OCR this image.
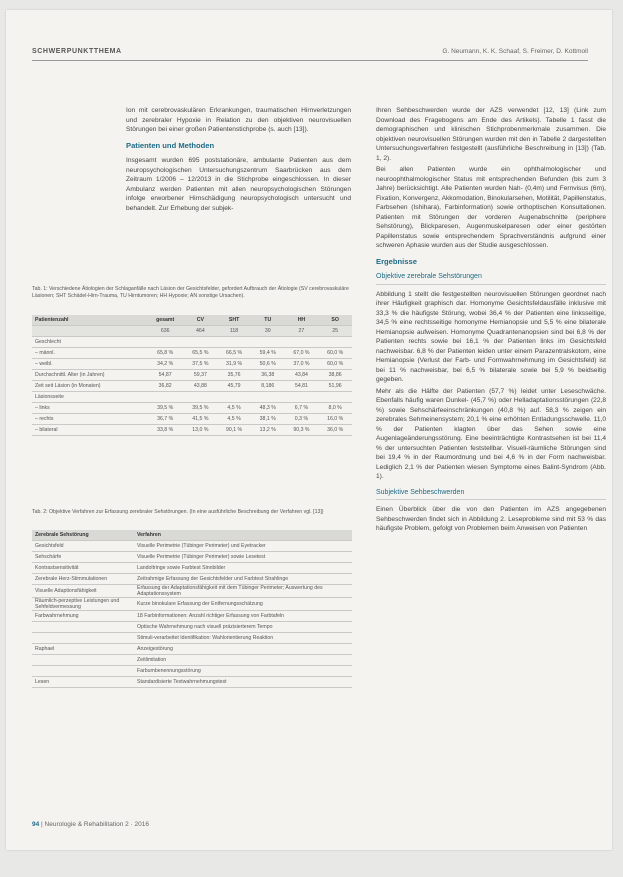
SCHWERPUNKTTHEMA	G. Neumann, K. K. Schaaf, S. Freimer, D. Kottmoll

Ion mit cerebrovaskulären Erkrankungen, traumatischen Hirnverletzungen und zerebraler Hypoxie in Relation zu den objektiven neurovisuellen Störungen bei einer großen Patientenstichprobe (s. auch [13]).

Patienten und Methoden

Insgesamt wurden 695 poststationäre, ambulante Patienten aus dem neuropsychologischen Untersuchungszentrum Saarbrücken aus dem Zeitraum 1/2006 – 12/2013 in die Stichprobe eingeschlossen. In dieser Ambulanz werden Patienten mit allen neuropsychologischen Störungen infolge erworbener Hirnschädigung neuropsychologisch untersucht und behandelt. Zur Erhebung der subjek-

Tab. 1: Verschiedene Ätiologien der Schlaganfälle nach Läsion der Gesichtsfelder, gefordert Aufbrauch der Ätiologie (SV cerebrovaskuläre Läsionen; SHT Schädel-Hirn-Trauma, TU Hirntumoren; HH Hypoxie; AN sonstige Ursachen).
Patientenzahl	gesamt	CV	SHT	TU	HH	SO
	636	464	118	30	27	25
Geschlecht						
– männl.	65,8 %	65,5 %	66,5 %	59,4 %	67,0 %	60,0 %
– weibl.	34,2 %	37,5 %	31,9 %	50,6 %	37,0 %	60,0 %
Durchschnittl. Alter (in Jahren)	54,87	59,37	35,76	36,38	43,84	38,86
Zeit seit Läsion (in Monaten)	36,82	43,88	45,79	8,186	54,81	51,96
Läsionsseite						
– links	39,5 %	39,5 %	4,5 %	48,3 %	6,7 %	8,0 %
– rechts	36,7 %	41,5 %	4,5 %	38,1 %	0,3 %	16,0 %
– bilateral	33,8 %	13,0 %	90,1 %	13,2 %	90,3 %	36,0 %
Tab. 2: Objektive Verfahren zur Erfassung zerebraler Sehstörungen. (In eine ausführliche Beschreibung der Verfahren vgl. [13])
Zerebrale Sehstörung	Verfahren
Gesichtsfeld	Visuelle Perimetrie (Tübinger Perimeter) und Eyetracker
Sehschärfe	Visuelle Perimetrie (Tübinger Perimeter) sowie Lesetest
Kontrastsensitivität	Landoltringe sowie Farbtest Sinnbilder
Zerebrale Herz-Stimmulationen	Zeitrahmige Erfassung der Gesichtsfelder und Farbtest Strahlinge
Visuelle Adaptionsfähigkeit	Erfassung der Adaptationsfähigkeit mit dem Tübinger Perimeter; Auswertung des Adaptationssystem
Räumlich-perzeptive Leistungen und Sehfeldvermessung	Kurze binokulare Erfassung der Entfernungsschätzung
Farbwahrnehmung	18 Farbinformationen: Anzahl richtiger Erfassung von Farbtafeln
	Optische Wahrnehmung nach visuell präzisierterem Tempo
	Stimuli-verarbeitet Identifikation: Wahlorientierung Reaktion
Raphael	Anzeigestörung
	Zeitlimitation
	Farbumbenennungsstörung
Lesen	Standardisierte Textwahrnehmungstest

Ihren Sehbeschwerden wurde der AZS verwendet [12, 13] (Link zum Download des Fragebogens am Ende des Artikels). Tabelle 1 fasst die demographischen und klinischen Stichprobenmerkmale zusammen. Die objektiven neurovisuellen Störungen wurden mit den in Tabelle 2 dargestellten Untersuchungsverfahren festgestellt (ausführliche Beschreibung in [13]) (Tab. 1, 2).

Bei allen Patienten wurde ein ophthalmologischer und neuroophthalmologischer Status mit entsprechenden Befunden (bis zum 3 Jahre) berücksichtigt. Alle Patienten wurden Nah- (0,4m) und Fernvisus (6m), Fixation, Konvergenz, Akkomodation, Binokularsehen, Motilität, Papillenstatus, Farbsehen (Ishihara), Farbinformation) sowie orthoptischen Konsultationen. Patienten mit Störungen der vorderen Augenabschnitte (periphere Sehstörung), Blickparesen, Augenmuskelparesen oder einer gestörten Papillenstatus sowie entsprechendem Sprachverständnis aufgrund einer schweren Aphasie wurden aus der Studie ausgeschlossen.

Ergebnisse
Objektive zerebrale Sehstörungen

Abbildung 1 stellt die festgestellten neurovisuellen Störungen geordnet nach ihrer Häufigkeit graphisch dar. Homonyme Gesichtsfeldausfälle inklusive mit 33,3 % die häufigste Störung, wobei 36,4 % der Patienten eine linksseitige, 34,5 % eine rechtsseitige homonyme Hemianopsie und 5,5 % eine bilaterale Hemianopsie aufweisen. Homonyme Quadrantenanopsien sind bei 6,8 % der Patienten rechts sowie bei 16,1 % der Patienten links im Gesichtsfeld nachweisbar. 6,8 % der Patienten leiden unter einem Parazentralskotom, eine Hemianopsie (Verlust der Farb- und Formwahrnehmung im Gesichtsfeld) ist bei 11 % nachweisbar, bei 6,5 % bilaterale sowie bei 5,9 % beidseitig gegeben.

Mehr als die Hälfte der Patienten (57,7 %) leidet unter Leseschwäche. Ebenfalls häufig waren Dunkel- (45,7 %) oder Helladaptationsstörungen (22,8 %) sowie Sehschärfeeinschränkungen (40,8 %) auf. 58,3 % zeigen ein zerebrales Sehmeinensystem; 20,1 % eine erhöhten Entladungsschwelle. 11,0 % der Patienten klagten über das Sehen sowie eine Augenlageänderungsstörung. Eine beeinträchtigte Kontrastsehen ist bei 11,4 % der untersuchten Patienten feststellbar. Visuell-räumliche Störungen sind bei 19,4 % in der Raumordnung und bei 4,6 % in der Form nachweisbar. Lediglich 2,1 % der Patienten wiesen Symptome eines Balint-Syndrom (Abb. 1).

Subjektive Sehbeschwerden

Einen Überblick über die von den Patienten im AZS angegebenen Sehbeschwerden findet sich in Abbildung 2. Leseprobleme sind mit 53 % das häufigste Problem, gefolgt von Problemen beim Anweisen von Patienten

94 | Neurologie & Rehabilitation 2 · 2016
